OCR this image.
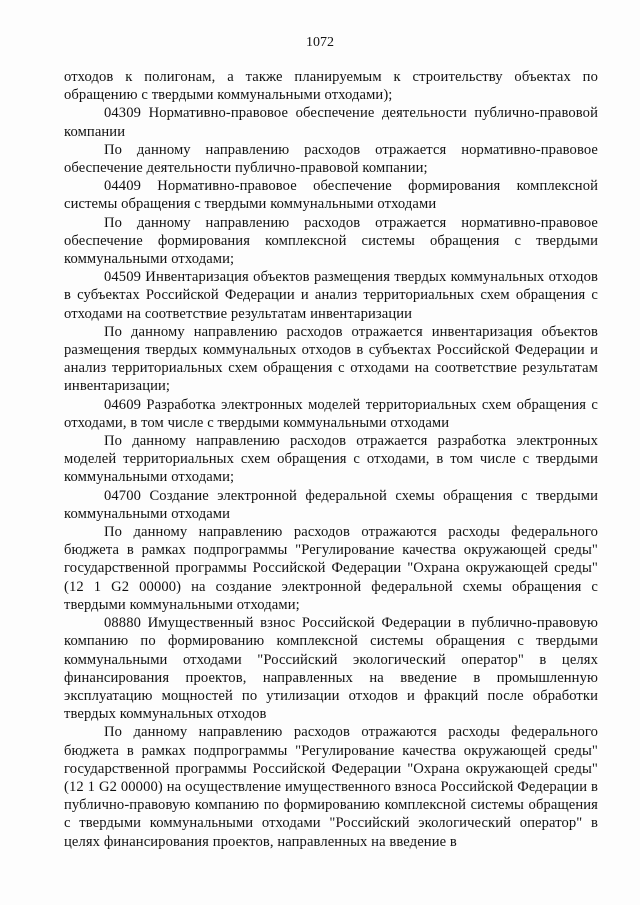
1072

отходов к полигонам, а также планируемым к строительству объектах по обращению с твердыми коммунальными отходами);

04309 Нормативно-правовое обеспечение деятельности публично-правовой компании

По данному направлению расходов отражается нормативно-правовое обеспечение деятельности публично-правовой компании;

04409 Нормативно-правовое обеспечение формирования комплексной системы обращения с твердыми коммунальными отходами

По данному направлению расходов отражается нормативно-правовое обеспечение формирования комплексной системы обращения с твердыми коммунальными отходами;

04509 Инвентаризация объектов размещения твердых коммунальных отходов в субъектах Российской Федерации и анализ территориальных схем обращения с отходами на соответствие результатам инвентаризации

По данному направлению расходов отражается инвентаризация объектов размещения твердых коммунальных отходов в субъектах Российской Федерации и анализ территориальных схем обращения с отходами на соответствие результатам инвентаризации;

04609 Разработка электронных моделей территориальных схем обращения с отходами, в том числе с твердыми коммунальными отходами

По данному направлению расходов отражается разработка электронных моделей территориальных схем обращения с отходами, в том числе с твердыми коммунальными отходами;

04700 Создание электронной федеральной схемы обращения с твердыми коммунальными отходами

По данному направлению расходов отражаются расходы федерального бюджета в рамках подпрограммы "Регулирование качества окружающей среды" государственной программы Российской Федерации "Охрана окружающей среды" (12 1 G2 00000) на создание электронной федеральной схемы обращения с твердыми коммунальными отходами;

08880 Имущественный взнос Российской Федерации в публично-правовую компанию по формированию комплексной системы обращения с твердыми коммунальными отходами "Российский экологический оператор" в целях финансирования проектов, направленных на введение в промышленную эксплуатацию мощностей по утилизации отходов и фракций после обработки твердых коммунальных отходов

По данному направлению расходов отражаются расходы федерального бюджета в рамках подпрограммы "Регулирование качества окружающей среды" государственной программы Российской Федерации "Охрана окружающей среды" (12 1 G2 00000) на осуществление имущественного взноса Российской Федерации в публично-правовую компанию по формированию комплексной системы обращения с твердыми коммунальными отходами "Российский экологический оператор" в целях финансирования проектов, направленных на введение в
